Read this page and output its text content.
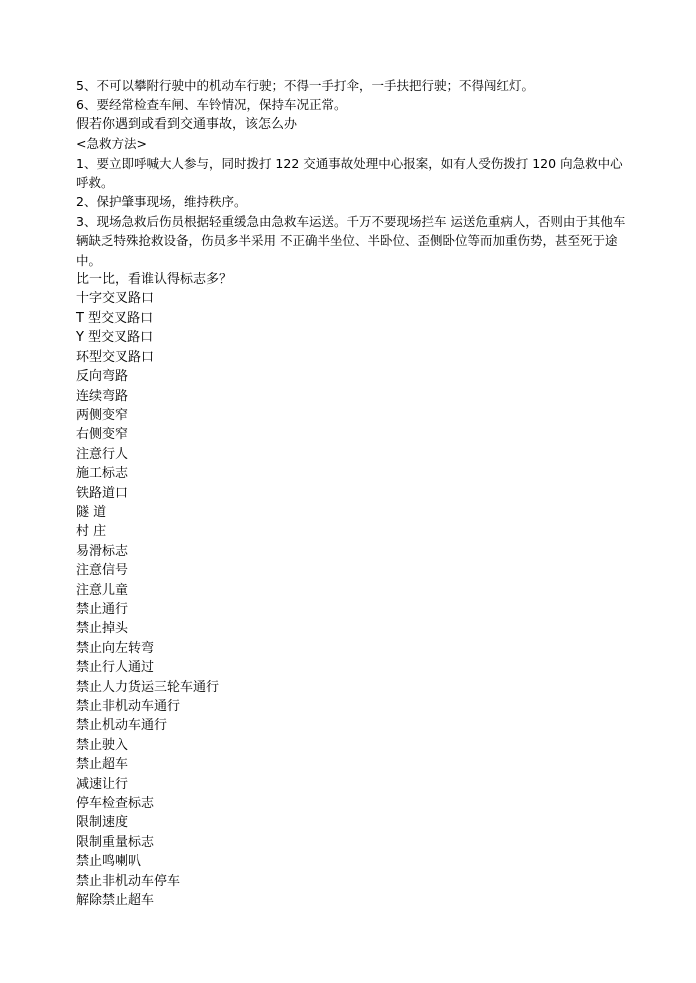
5、不可以攀附行驶中的机动车行驶；不得一手打伞，一手扶把行驶；不得闯红灯。
6、要经常检查车闸、车铃情况，保持车况正常。
假若你遇到或看到交通事故，该怎么办
<急救方法>
1、要立即呼喊大人参与，同时拨打 122 交通事故处理中心报案，如有人受伤拨打 120 向急救中心呼救。
2、保护肇事现场，维持秩序。
3、现场急救后伤员根据轻重缓急由急救车运送。千万不要现场拦车 运送危重病人，否则由于其他车辆缺乏特殊抢救设备，伤员多半采用 不正确半坐位、半卧位、歪侧卧位等而加重伤势，甚至死于途中。
比一比，看谁认得标志多？
十字交叉路口
T 型交叉路口
Y 型交叉路口
环型交叉路口
反向弯路
连续弯路
两侧变窄
右侧变窄
注意行人
施工标志
铁路道口
隧 道
村 庄
易滑标志
注意信号
注意儿童
禁止通行
禁止掉头
禁止向左转弯
禁止行人通过
禁止人力货运三轮车通行
禁止非机动车通行
禁止机动车通行
禁止驶入
禁止超车
减速让行
停车检查标志
限制速度
限制重量标志
禁止鸣喇叭
禁止非机动车停车
解除禁止超车
